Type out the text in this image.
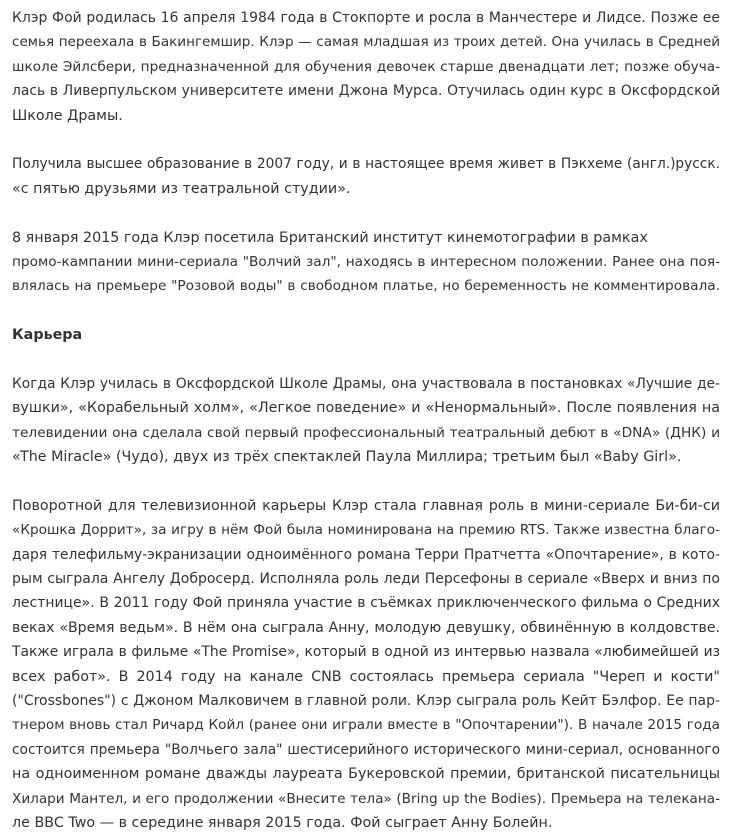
Клэр Фой родилась 16 апреля 1984 года в Стокпорте и росла в Манчестере и Лидсе. Позже ее
семья переехала в Бакингемшир. Клэр — самая младшая из троих детей. Она училась в Средней
школе Эйлсбери, предназначенной для обучения девочек старше двенадцати лет; позже обуча-
лась в Ливерпульском университете имени Джона Мурса. Отучилась один курс в Оксфордской
Школе Драмы.
Получила высшее образование в 2007 году, и в настоящее время живет в Пэкхеме (англ.)русск.
«с пятью друзьями из театральной студии».
8 января 2015 года Клэр посетила Британский институт кинемотографии в рамках
промо-кампании мини-сериала "Волчий зал", находясь в интересном положении. Ранее она поя-
влялась на премьере "Розовой воды" в свободном платье, но беременность не комментировала.
Карьера
Когда Клэр училась в Оксфордской Школе Драмы, она участвовала в постановках «Лучшие де-
вушки», «Корабельный холм», «Легкое поведение» и «Ненормальный». После появления на
телевидении она сделала свой первый профессиональный театральный дебют в «DNA» (ДНК) и
«The Miracle» (Чудо), двух из трёх спектаклей Паула Миллира; третьим был «Baby Girl».
Поворотной для телевизионной карьеры Клэр стала главная роль в мини-сериале Би-би-си
«Крошка Доррит», за игру в нём Фой была номинирована на премию RTS. Также известна благо-
даря телефильму-экранизации одноимённого романа Терри Пратчетта «Опочтарение», в кото-
рым сыграла Ангелу Добросерд. Исполняла роль леди Персефоны в сериале «Вверх и вниз по
лестнице». В 2011 году Фой приняла участие в съёмках приключенческого фильма о Средних
веках «Время ведьм». В нём она сыграла Анну, молодую девушку, обвинённую в колдовстве.
Также играла в фильме «The Promise», который в одной из интервью назвала «любимейшей из
всех работ». В 2014 году на канале CNB состоялась премьера сериала "Череп и кости"
("Crossbones") с Джоном Малковичем в главной роли. Клэр сыграла роль Кейт Бэлфор. Ее пар-
тнером вновь стал Ричард Койл (ранее они играли вместе в "Опочтарении"). В начале 2015 года
состоится премьера "Волчьего зала" шестисерийного исторического мини-сериал, основанного
на одноименном романе дважды лауреата Букеровской премии, британской писательницы
Хилари Мантел, и его продолжении «Внесите тела» (Bring up the Bodies). Премьера на телекана-
ле BBC Two — в середине января 2015 года. Фой сыграет Анну Болейн.
